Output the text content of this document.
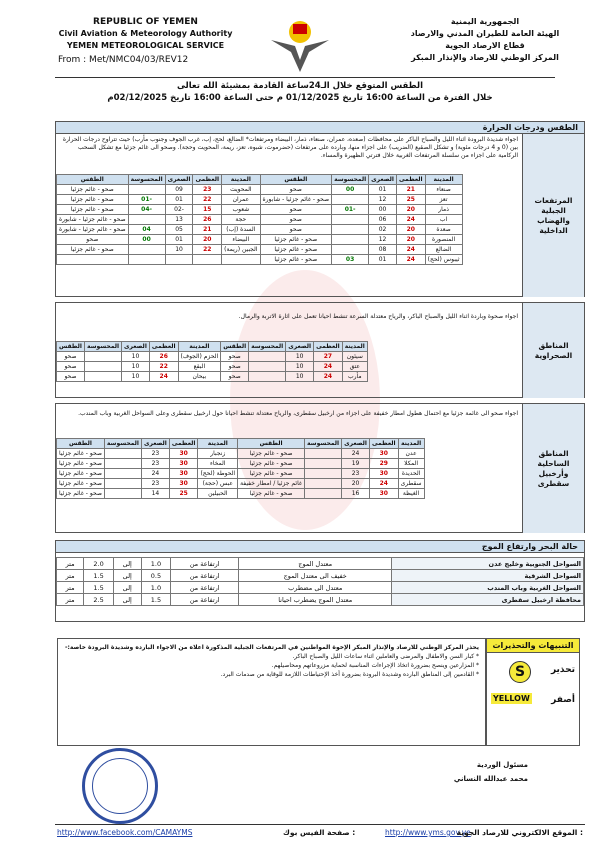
REPUBLIC OF YEMEN
Civil Aviation & Meteorology Authority
YEMEN METEOROLOGICAL SERVICE
From : Met/NMC04/03/REV12
الجمهورية اليمنية
الهيئة العامة للطيران المدني والارصاد
قطاع الارصاد الجوية
المركز الوطني للارصاد والإنذار المبكر
الطقس المتوقع خلال الـ24ساعة القادمة بمشيئة الله تعالى
خلال الفترة من الساعة 16:00 تاريخ 01/12/2025 م حتى الساعة 16:00 تاريخ 02/12/2025م
الطقس ودرجات الحرارة
المرتفعات الجبلية والهضاب الداخلية
اجواء شديدة البرودة اثناء الليل والصباح الباكر على محافظات (صعده، عمران، صنعاء، ذمار، البيضاء ومرتفعات* الضالع، لحج، إب، غرب الجوف وجنوب مأرب) حيث تتراوح درجات الحرارة بين (0 و 4 درجات مئوية) و تشكل الصقيع (الضريب) على اجزاء منها، وبارده على مرتفعات (حضرموت، شبوه، تعز، ريمة، المحويت وحجة). وصحو الى غائم جزئيا مع تشكل السحب الركامية على اجزاء من سلسلة المرتفعات الغربية خلال فترتي الظهيرة والمساء.
الطقس	المحسوسة	الصغرى	العظمى	المدينة	الطقس	المحسوسة	الصغرى	العظمى	المدينة
صحو - غائم جزئيا		09	23	المحويت	صحو	00	01	21	صنعاء
صحو - غائم جزئيا	01-	01	22	عمران	صحو - غائم جزئيا - شابورة		12	25	تعز
صحو - غائم جزئيا	04-	02-	15	شعوب	صحو	01-	00	20	ذمار
صحو - غائم جزئيا - شابورة		13	26	حجة	صحو		06	24	اب
صحو - غائم جزئيا - شابورة	04	05	21	السدة (إب)	صحو		02	20	صعدة
صحو	00	01	20	البيضاء	صحو - غائم جزئيا		12	20	المنصورة
صحو - غائم جزئيا		10	22	الجبين (ريمة)	صحو - غائم جزئيا		08	24	الضالع
					صحو - غائم جزئيا	03	01	24	ثيبوس (لحج)
المناطق الصحراوية
اجواء صحوة وباردة اثناء الليل والصباح الباكر، والرياح معتدلة السرعة تنشط احيانا تعمل على اثارة الاتربة والرمال.
الطقس	المحسوسة	الصغرى	العظمى	المدينة	الطقس	المحسوسة	الصغرى	العظمى	المدينة
صحو		10	26	الحزم (الجوف)	صحو		10	27	سيئون
صحو		10	22	البقع	صحو		10	24	عتق
صحو		10	24	بيحان	صحو		10	24	مأرب
المناطق الساحلية وأرخبيل سقطرى
اجواء صحو الى غائمة جزئيا مع احتمال هطول امطار خفيفة على اجزاء من ارخبيل سقطرى، والرياح معتدلة تنشط احيانا حول ارخبيل سقطرى وعلى السواحل الغربية وباب المندب.
الطقس	المحسوسة	الصغرى	العظمى	المدينة	الطقس	المحسوسة	الصغرى	العظمى	المدينة
صحو - غائم جزئيا		23	30	زنجبار	صحو - غائم جزئيا		24	30	عدن
صحو - غائم جزئيا		23	30	المخاء	صحو - غائم جزئيا		19	29	المكلا
صحو - غائم جزئيا		24	30	الحوطة (لحج)	صحو - غائم جزئيا		23	30	الحديدة
صحو - غائم جزئيا		23	30	عبس (حجة)	غائم جزئيا / امطار خفيفة		20	24	سقطرى
صحو - غائم جزئيا		14	25	الحبيلين	صحو - غائم جزئيا		16	30	الغيظة
حالة البحر وارتفاع الموج
متر	2.0	إلى	1.0	ارتفاعة من	معتدل الموج	السواحل الجنوبية وخليج عدن
متر	1.5	إلى	0.5	ارتفاعة من	خفيف الى معتدل الموج	السواحل الشرقية
متر	1.5	إلى	1.0	ارتفاعة من	معتدل الى مضطرب	السواحل الغربية وباب المندب
متر	2.5	إلى	1.5	ارتفاعة من	معتدل الموج يضطرب احيانا	محافظة ارخبيل سقطرى
يحذر المركز الوطني للارصاد والإنذار المبكر الإخوة المواطنين في المرتفعات الجبلية المذكورة اعلاه من الاجواء البارده وشديدة البرودة خاصة:-
* كبار السن والاطفال والمرضى والعاملين اثناء ساعات الليل والصباح الباكر.
* المزارعين وينصح بضرورة اتخاذ الإجراءات المناسبة لحماية مزروعاتهم ومحاصيلهم.
* القادمين إلى المناطق البارده وشديدة البرودة بضرورة أخذ الإحتياطات اللازمة للوقاية من صدمات البرد.
التنبيهات والتحذيرات
S	تحذير
أصفر
YELLOW
مسئول الوردية
محمد عبدالله النساني
http://www.facebook.com/CAMAYMS	صفحة الفيس بوك :	http://www.yms.gov.ye
الموقع الالكتروني للارصاد الجوية :
